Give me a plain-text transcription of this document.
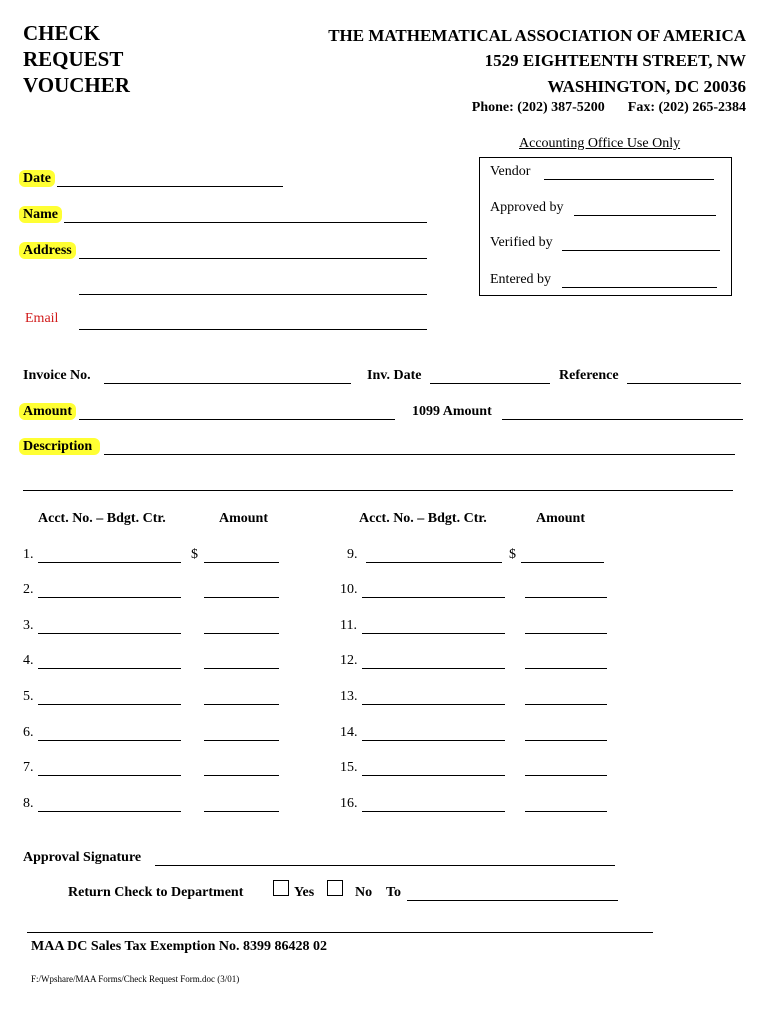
CHECK
REQUEST
VOUCHER
THE MATHEMATICAL ASSOCIATION OF AMERICA
1529 EIGHTEENTH STREET, NW
WASHINGTON, DC 20036
Phone: (202) 387-5200 Fax: (202) 265-2384
Accounting Office Use Only
Vendor
Approved by
Verified by
Entered by
Date
Name
Address
Email
Invoice No.	Inv. Date	Reference
Amount	1099 Amount
Description
Acct. No. – Bdgt. Ctr.	Amount	Acct. No. – Bdgt. Ctr.	Amount
1.	$	9.	$
2.	10.
3.	11.
4.	12.
5.	13.
6.	14.
7.	15.
8.	16.
Approval Signature
Return Check to Department	Yes	No To
MAA DC Sales Tax Exemption No. 8399 86428 02
F:/Wpshare/MAA Forms/Check Request Form.doc (3/01)
